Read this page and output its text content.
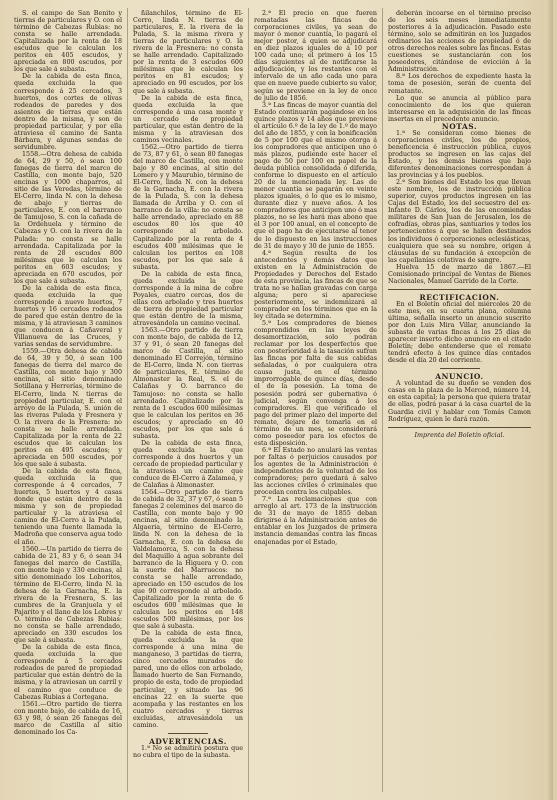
S. el campo de San Benito y tierras de particulares y O. con el término de Cabezas Rubias: no consta se halle arrendada. Capitalizada por la renta de 18 escudos que le calculan los peritos en 405 escudos, y apreciada en 800 escudos, por los que sale á subasta.

De la cabida de esta finca, queda excluida la que corresponde á 25 cercados, 3 huertos, dos cortes de olivas rodeados de paredes y dos asientos de tierras que están dentro de la misma, y son de propiedad particular, y por ella atraviesa el camino de Santa Bárbara, y algunas sendas de servidumbre.

1558.—Otra dehesa de cabida de 64, 29 y 50, ó sean 100 fanegas de tierra del marco de Castilla, con monte bajo, 520 encinas y 1000 chaparros, al sitio de las Veredas, término de El-Cerro, linda N. con la dehesa de abajo y tierras de particulares, E. con el barranco de Tamujoso, S. con la cañada de la Ordehuela y término de Cabezas y O. con la rivera de la Pulada: no consta se halle arrendada. Capitalizada por la renta de 28 escudos 800 milésimas que le calculan los peritos en 603 escudos; y apreciada en 670 escudos, por los que sale á subasta.

De la cabida de esta finca, queda excluida la que corresponde á nueve huertos, 7 huertos y 16 cercados rodeados de pared que están dentro de la misma, y la atraviesan 3 caminos que conducen á Cañaveral y Villanueva de las Cruces, y varias sendas de servidumbre.

1559.—Otra dehesa de cabida de 64, 39 y 50, ó sean 100 fanegas de tierra del marco de Castilla, con monte bajo y 300 encinas, al sitio denominado Sotillana y Herrerías, término de El-Cerro, linda N. tierras de propiedad particular, E. con el arroyo de la Pulada, S. unión de las riveras Pulada y Fresnera y O. la rivera de la Fresnera: no consta se halle arrendada. Capitalizada por la renta de 22 escudos que le calculan los peritos en 495 escudos; y apreciada en 500 escudos, por los que sale á subasta.

De la cabida de esta finca, queda excluida la que corresponde á 4 cercados, 7 huertos, 5 huertos y 4 casas donde que están dentro de la misma y son de propiedad particular y la atraviesa el camino de El-Cerro á la Pulada, teniendo una fuente llamada la Madroña que conserva agua todo el año.

1560.—Un partido de tierra de cabida de 21, 83 y 6, ó sean 34 fanegas del marco de Castilla, con monte bajo y 330 encinas, al sitio denominado los Loboritos, término de El-Cerro, linda N. la dehesa de la Garnacha, E. la rivera de la Fresnera, S. las cumbres de la Granjuela y el Pajarito y el llano de los Lobres y O. término de Cabezas Rubias: no consta se halle arrendado, apreciado en 330 escudos los que sale á subasta.

De la cabida de esta finca, queda excluida la que corresponde á 5 cercados rodeados de pared de propiedad particular que están dentro de la misma, y la atraviesan un carril y el camino que conduce de Cabezas Rubias á Cortegana.

1561.—Otro partido de tierra con monte bajo, de cabida de 16, 63 y 98, ó sean 26 fanegas del marco de Castilla al sitio denominado los Ca-

ñilanchilos, término de El-Cerro, linda N. tierras de particulares, E. la rivera de la Pulada, S. la misma rivera y tierras de particulares y O. la rivera de la Fresnera: no consta se halle arrendado. Capitalizado por la renta de 3 escudos 600 milésimas que le calculan los peritos en 81 escudos; y apreciado en 90 escudos, por los que sale á subasta.

De la cabida de esta finca, queda excluida la que corresponde á una casa monte y un cercado de propiedad particular, que están dentro de la misma y la atraviesan dos caminos vecinales.

1562.—Otro partido de tierra de 73, 87 y 61, ó sean 80 fanegas del marco de Castilla, con monte bajo y 80 encinas, al sitio del Lomero y y Maurubio, término de El-Cerro, linda N. con la dehesa de la Garnacha, E. con la rivera de la Pulada, S. con la dehesa llamada de Arriba y O. con el barranco de la villa: no consta se halle arrendado, apreciado en 88 escudos 80 los que 40 corresponde al arbolado. Capitalizado por la renta de 4 escudos 400 milésimas que le calculan los peritos en 108 escudos, por los que sale á subasta.

De la cabida de esta finca, queda excluida la que corresponde á la mina de cobre Poyales, cuatro cercas, dos de ellas con arbolado y tres huertos de tierra de propiedad particular que están dentro de la misma, atravesándola un camino vecinal.

1563.—Otro partido de tierra con monte bajo, de cabida de 12, 37 y 91, ó sean 20 fanegas del marco de Castilla, al sitio denominado El Correjón, término de El-Cerro, linda N. con tierras de particulares, E. término de Almonaster la Real, S. el de Calañas y O. barranco de Tamujoso: no consta se halle arrendado. Capitalizado por la renta de 1 escudos 600 milésimas que le calculan los peritos en 36 escudos; y apreciado en 40 escudos, por los que sale á subasta.

De la cabida de esta finca, queda excluida la que corresponde á dos huertos y un cercado de propiedad particular y la atraviesa un camino que conduce de El-Cerro á Zalamea, y de Calañas á Almonaster.

1564.—Otro partido de tierra de cabida de 32, 37 y 67, ó sean 5 fanegas 2 celemines del marco de Castilla, con monte bajo y 90 encinas, al sitio denominado la Algaeria, término de El-Cerro, linda N. con la dehesa de la Garnacha, E. con la dehesa de Valdelamorca, S. con la dehesa del Maquillo á agua sobrante del barranco de la Higuera y O. con la suerte del Marruecos: no consta se halle arrendado, apreciado en 150 escudos de los que 90 corresponde al arbolado. Capitalizado por la renta de 6 escudos 600 milésimas que le calculan los peritos en 148 escudos 500 milésimas, por los que sale á subasta.

De la cabida de esta finca, queda excluida la que corresponde á una mina de manganeso, 3 partidas de tierra, cinco cercados murados de pared, uno de ellos con arbolado, llamado huerto de San Fernando, propio de esta, todo de propiedad particular, y situado las 96 encinas 22 en la suerte que acompaña y las restantes en los cuatro cercados y tierras excluidas, atravesándola un camino.

ADVERTENCIAS.

1.ª No se admitirá postura que no cubra el tipo de la subasta.

2.ª El precio en que fueren rematadas las fincas de corporaciones civiles, ya sean de mayor ó menor cuantía, lo pagará el mejor postor, á quien se adjudicará en diez plazos iguales de á 10 por 100 cada uno; el primero á los 15 días siguientes al de notificarse la adjudicación, y los restantes con el intervalo de un año cada uno para que en nueve puede cubierto su valor, según se previene en la ley de once de julio de 1856.

3.ª Las fincas de mayor cuantía del Estado continuarán pagándose en los quince plazos y 14 años que previene el artículo 6.º de la ley de 1.º de mayo del año de 1855, y con la bonificación de 5 por 100 que el mismo otorga á los compradores que anticipen uno ó más plazos, pudiendo este hacer el pago de 50 por 100 en papel de la deuda pública consolidada ó diferida, conforme lo dispuesto en el artículo 20 de la mencionada ley. Las de menor cuantía se pagarán en veinte plazos iguales, ó lo que es lo mismo, durante diez y nueve años. A los compradores que anticipen uno ó mas plazos, no se les hará mas abono que el 3 por 100 anual, en el concepto de que el pago ha de ejecutarse al tenor de lo dispuesto en las instrucciones de 31 de mayo y 30 de junio de 1855.

4.ª Según resulta de los antecedentes y demás datos que existen en la Administración de Propiedades y Derechos del Estado de esta provincia, las fincas de que se trata no se hallan gravadas con carga alguna; pero si apareciese posteriormente, se indemnizará al comprador en los términos que en la ley citada se determina.

5.ª Los compradores de bienes comprendidos en las leyes de desamortización, solo podrán reclamar por los desperfectos que con posterioridad á la tasación sufran las fincas por falta de sus cabidas señaladas, ó por cualquiera otra causa justa, en el término improrrogable de quince días, desde el de la posesión. La toma de posesión podrá ser gubernativa ó judicial, según convenga á los compradores. El que verificado el pago del primer plazo del importe del remate, dejare de tomarla en el término de un mes, se considerará como poseedor para los efectos de esta disposición.

6.ª El Estado no anulará las ventas por faltas ó perjuicios causados por los agentes de la Administración é independientes de la voluntad de los compradores; pero quedará á salvo las acciones civiles ó criminales que procedan contra los culpables.

7.ª Las reclamaciones que con arreglo al art. 173 de la instrucción de 31 de mayo de 1855 deban dirigirse á la Administración antes de entablar en los Juzgados de primera instancia demandas contra las fincas enajenadas por el Estado,

deberán incoarse en el término preciso de los seis meses inmediatamente posteriores á la adjudicación. Pasado este término, solo se admitirán en los Juzgados ordinarios las acciones de propiedad ó de otros derechos reales sobre las fincas. Estas cuestiones se sustanciarán con los poseedores, citándose de evicción á la Administración.

8.ª Los derechos de expediente hasta la toma de posesión, serán de cuenta del rematante.

Lo que se anuncia al público para conocimiento de los que quieran interesarse en la adquisición de las fincas insertas en el precedente anuncio.

NOTAS.

1.ª Se consideran como bienes de corporaciones civiles, los de propios, beneficencia é instrucción pública, cuyos productos se ingresen en las cajas del Estado, y los demás bienes que bajo diferentes denominaciones correspondan á las provincias y á los pueblos.

2.ª Son bienes del Estado los que llevan este nombre, los de instrucción pública superior, cuyos productos ingresen en las Cajas del Estado, los del secuestro del ex-Infante D. Cárlos, los de las encomiendas militares de San Juan de Jerusalen, los de cofradías, obras pías, santuarios y todos los pertenecientes á que se hallen destinados los individuos ó corporaciones eclesiásticas, cualquiera que sea su nombre, origen á cláusulas de su fundación á excepción de las capellanías colativas de sangre.

Huelva 15 de marzo de 1867.—El Comisionado principal de Ventas de Bienes Nacionales, Manuel Garrido de la Corte.

RECTIFICACION.

En el Boletín oficial del miércoles 20 de este mes, en su cuarta plana, columna última, señalla inserto un anuncio suscrito por don Luis Mira Villar, anunciando la subasta de varias fincas á los 25 días de aparecer inserto dicho anuncio en el citado Boletín; debe entenderse que el remate tendrá efecto á los quince días contados desde el día 20 del corriente.

ANUNCIO.

A voluntad de su dueño se venden dos casas en la plaza de la Merced, número 14, en esta capital; la persona que quiera tratar de ellas, podrá pasar á la casa cuartel de la Guardia civil y hablar con Tomás Camon Rodríguez, quien le dará razón.

Imprenta del Boletín oficial.
